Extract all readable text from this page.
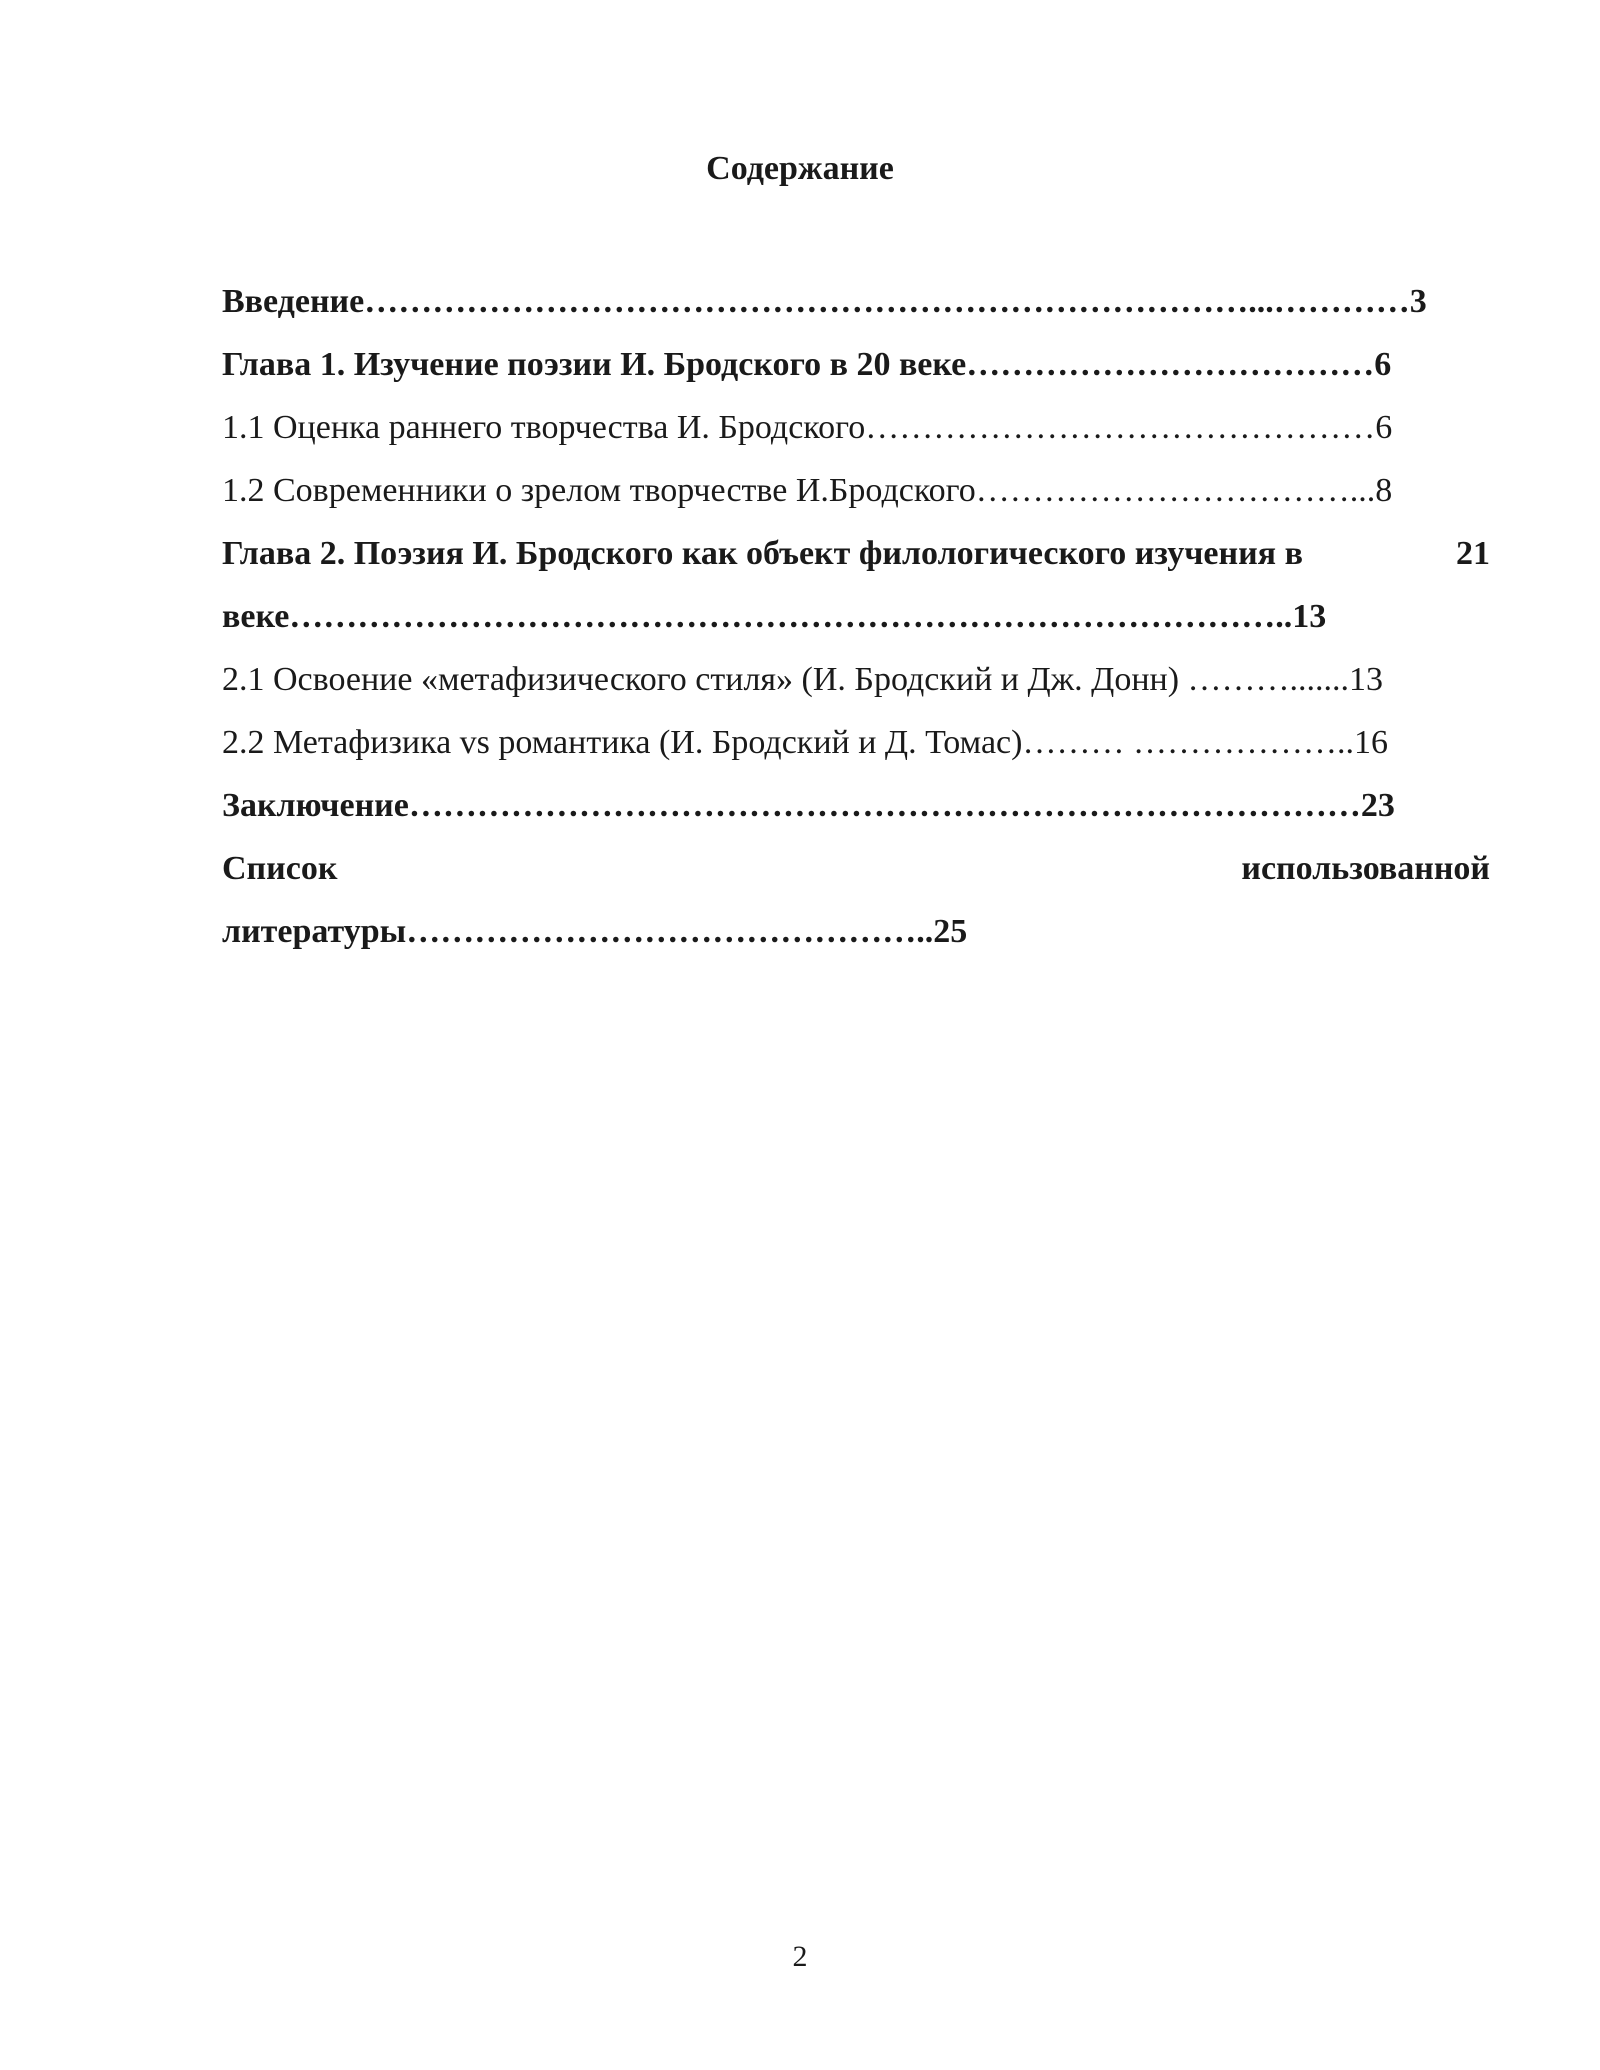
Содержание
Введение……………………………………………………………………...…………3
Глава 1. Изучение поэзии И. Бродского в 20 веке………………………………6
1.1 Оценка раннего творчества И. Бродского………………………………………6
1.2 Современники о зрелом творчестве И.Бродского……………………………...8
Глава 2. Поэзия И. Бродского как объект филологического изучения в	21
веке……………………………………………………………………………..13
2.1 Освоение «метафизического стиля» (И. Бродский и Дж. Донн) ……….......13
2.2 Метафизика vs романтика (И. Бродский и Д. Томас)……… ………………..16
Заключение…………………………………………………………………………23
Список	использованной
литературы………………………………………..25
2
